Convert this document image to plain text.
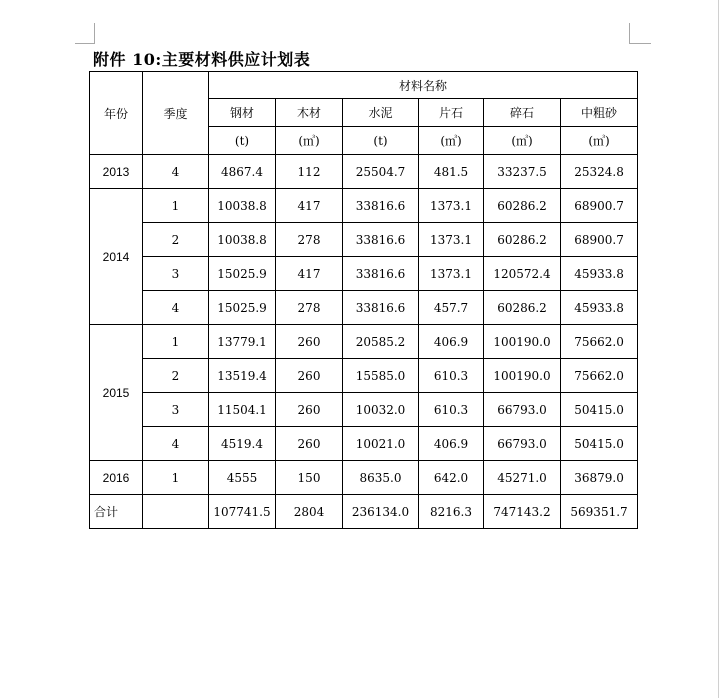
附件 10:主要材料供应计划表
年份	季度	材料名称					
		钢材	木材	水泥	片石	碎石	中粗砂
		(t)	(㎥)	(t)	(㎥)	(㎥)	(㎥)
2013	4	4867.4	112	25504.7	481.5	33237.5	25324.8
2014	1	10038.8	417	33816.6	1373.1	60286.2	68900.7
	2	10038.8	278	33816.6	1373.1	60286.2	68900.7
	3	15025.9	417	33816.6	1373.1	120572.4	45933.8
	4	15025.9	278	33816.6	457.7	60286.2	45933.8
2015	1	13779.1	260	20585.2	406.9	100190.0	75662.0
	2	13519.4	260	15585.0	610.3	100190.0	75662.0
	3	11504.1	260	10032.0	610.3	66793.0	50415.0
	4	4519.4	260	10021.0	406.9	66793.0	50415.0
2016	1	4555	150	8635.0	642.0	45271.0	36879.0
合计		107741.5	2804	236134.0	8216.3	747143.2	569351.7
